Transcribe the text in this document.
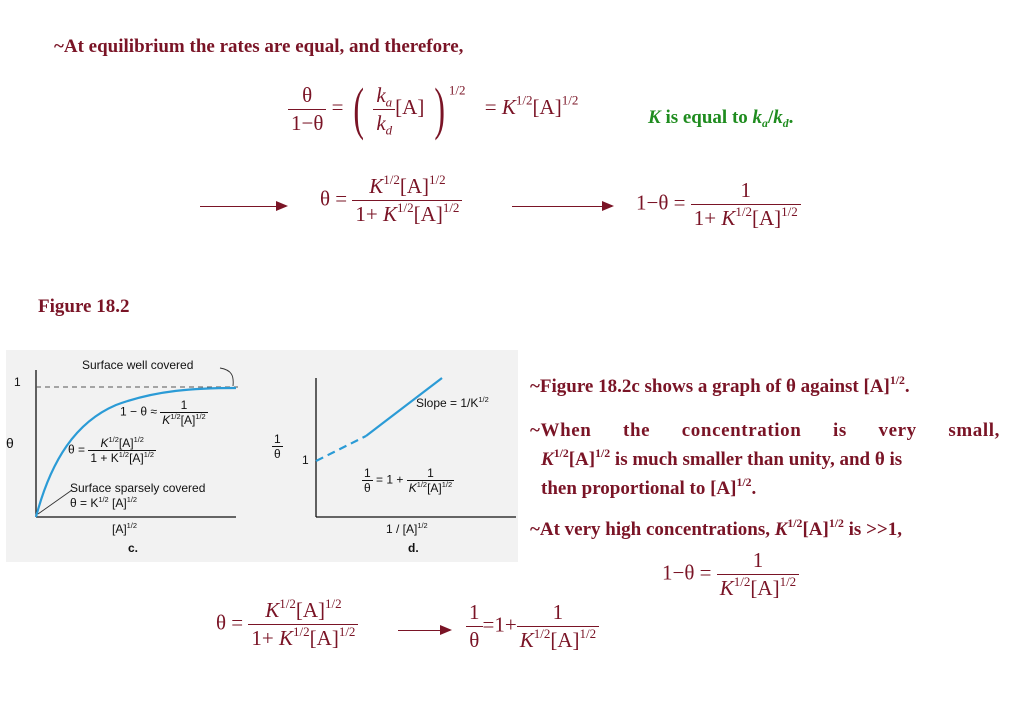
~At equilibrium the rates are equal, and therefore,
$\frac{\theta}{1-\theta}$ = ( $\frac{k_a}{k_d} [A]$ ) $^{1/2} = K^{1/2}[A]^{1/2}$
K is equal to $k_a/k_d$.
$\theta = \frac{K^{1/2}[A]^{1/2}}{1+ K^{1/2}[A]^{1/2}}$	$1-\theta = \frac{1}{1+ K^{1/2}[A]^{1/2}}$
Figure 18.2
1
θ
Surface well covered
$1 - \theta \approx \frac{1}{K^{1/2}[A]^{1/2}}$
$\theta = \frac{K^{1/2}[A]^{1/2}}{1 + K^{1/2}[A]^{1/2}}$
Surface sparsely covered
$\theta = K^{1/2}$ $[A]^{1/2}$
$[A]^{1/2}$
c.
$\frac{1}{\theta} 1$
Slope = $1/K^{1/2}$
$\frac{1}{\theta} = 1 + \frac{1}{K^{1/2}[A]^{1/2}}$
$1 / [A]^{1/2}$
d.
~Figure 18.2c shows a graph of θ against $[A]^{1/2}$.
~When the concentration is very small,
$K^{1/2}[A]^{1/2}$ is much smaller than unity, and θ is
then proportional to $[A]^{1/2}$.
~At very high concentrations, $K^{1/2}[A]^{1/2}$ is >>1,
$1-\theta = \frac{1}{K^{1/2}[A]^{1/2}}$
$\theta = \frac{K^{1/2}[A]^{1/2}}{1+ K^{1/2}[A]^{1/2}}$	$\frac{1}{\theta} =1+ \frac{1}{K^{1/2}[A]^{1/2}}$
